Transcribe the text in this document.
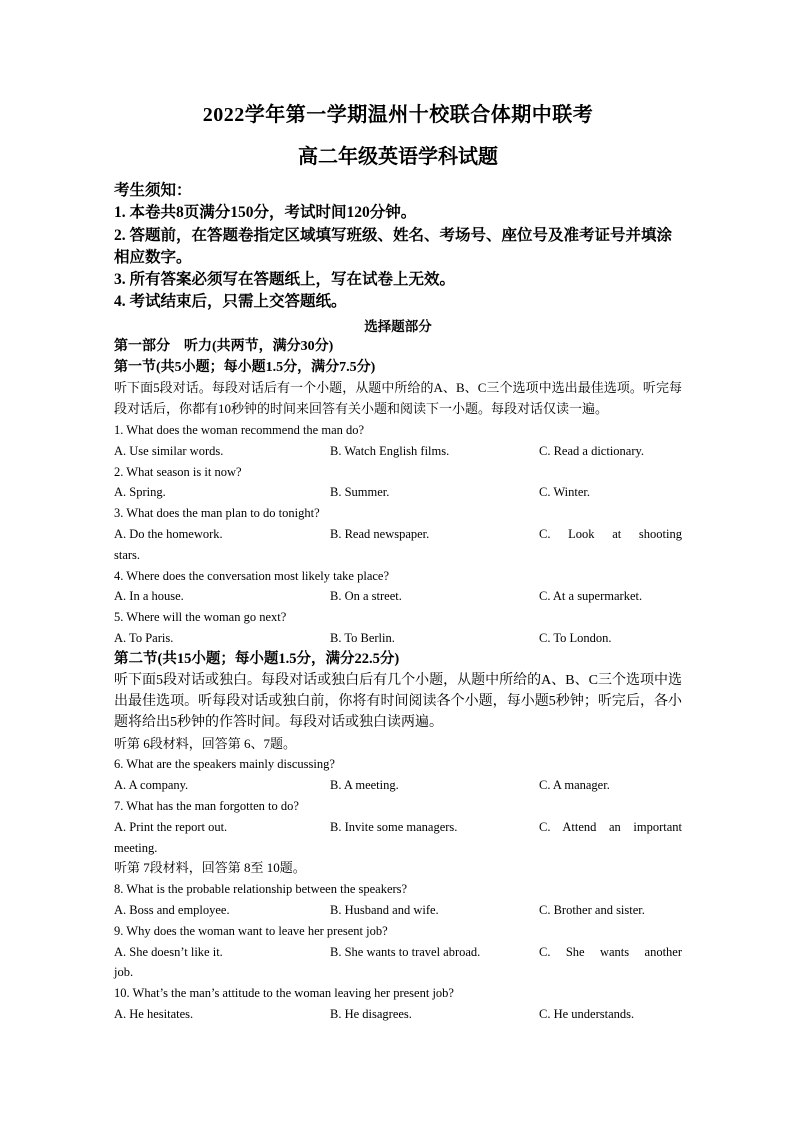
2022学年第一学期温州十校联合体期中联考
高二年级英语学科试题

考生须知：

1. 本卷共8页满分150分，考试时间120分钟。

2. 答题前，在答题卷指定区域填写班级、姓名、考场号、座位号及准考证号并填涂相应数字。

3. 所有答案必须写在答题纸上，写在试卷上无效。

4. 考试结束后，只需上交答题纸。

选择题部分

第一部分　听力(共两节，满分30分)

第一节(共5小题；每小题1.5分，满分7.5分)

听下面5段对话。每段对话后有一个小题，从题中所给的A、B、C三个选项中选出最佳选项。听完每段对话后，你都有10秒钟的时间来回答有关小题和阅读下一小题。每段对话仅读一遍。

1. What does the woman recommend the man do?

A. Use similar words.	B. Watch English films.	C. Read a dictionary.

2. What season is it now?

A. Spring.	B. Summer.	C. Winter.

3. What does the man plan to do tonight?

A. Do the homework.	B. Read newspaper.	C. Look at shooting

stars.

4. Where does the conversation most likely take place?

A. In a house.	B. On a street.	C. At a supermarket.

5. Where will the woman go next?

A. To Paris.	B. To Berlin.	C. To London.

第二节(共15小题；每小题1.5分，满分22.5分)

听下面5段对话或独白。每段对话或独白后有几个小题，从题中所给的A、B、C三个选项中选出最佳选项。听每段对话或独白前，你将有时间阅读各个小题，每小题5秒钟；听完后，各小题将给出5秒钟的作答时间。每段对话或独白读两遍。

听第 6段材料，回答第 6、7题。

6. What are the speakers mainly discussing?

A. A company.	B. A meeting.	C. A manager.

7. What has the man forgotten to do?

A. Print the report out.	B. Invite some managers.	C. Attend an important

meeting.

听第 7段材料，回答第 8至 10题。

8. What is the probable relationship between the speakers?

A. Boss and employee.	B. Husband and wife.	C. Brother and sister.

9. Why does the woman want to leave her present job?

A. She doesn’t like it.	B. She wants to travel abroad.	C. She wants another

job.

10. What’s the man’s attitude to the woman leaving her present job?

A. He hesitates.	B. He disagrees.	C. He understands.
